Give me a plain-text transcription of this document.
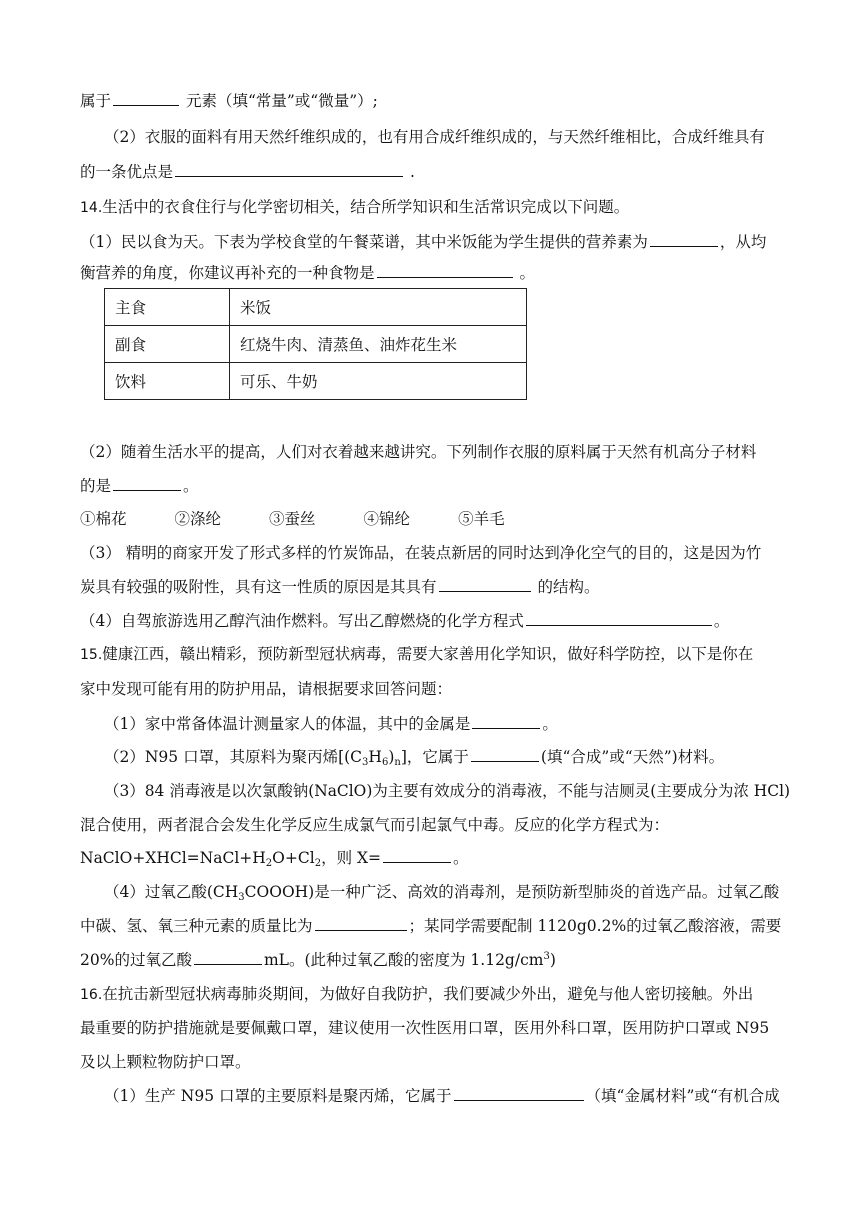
属于	元素（填“常量”或“微量”）;
（2）衣服的面料有用天然纤维织成的，也有用合成纤维织成的，与天然纤维相比，合成纤维具有
的一条优点是	.
14.生活中的衣食住行与化学密切相关，结合所学知识和生活常识完成以下问题。
（1）民以食为天。下表为学校食堂的午餐菜谱，其中米饭能为学生提供的营养素为	，从均
衡营养的角度，你建议再补充的一种食物是	。
主食	米饭
副食	红烧牛肉、清蒸鱼、油炸花生米
饮料	可乐、牛奶
（2）随着生活水平的提高，人们对衣着越来越讲究。下列制作衣服的原料属于天然有机高分子材料
的是	。
①棉花	②涤纶	③蚕丝	④锦纶	⑤羊毛
（3） 精明的商家开发了形式多样的竹炭饰品，在装点新居的同时达到净化空气的目的，这是因为竹
炭具有较强的吸附性，具有这一性质的原因是其具有	的结构。
（4）自驾旅游选用乙醇汽油作燃料。写出乙醇燃烧的化学方程式	。
15.健康江西，赣出精彩，预防新型冠状病毒，需要大家善用化学知识，做好科学防控，以下是你在
家中发现可能有用的防护用品，请根据要求回答问题：
（1）家中常备体温计测量家人的体温，其中的金属是	。
（2）N95 口罩，其原料为聚丙烯$[(C_3H_6)_n]$，它属于	(填“合成”或“天然”)材料。
（3）84 消毒液是以次氯酸钠(NaClO)为主要有效成分的消毒液，不能与洁厕灵(主要成分为浓 HCl)
混合使用，两者混合会发生化学反应生成氯气而引起氯气中毒。反应的化学方程式为：
$NaClO+XHCl=NaCl+H_2O+Cl_2$，则 X=	。
（4）过氧乙酸$(CH_3COOOH)$是一种广泛、高效的消毒剂，是预防新型肺炎的首选产品。过氧乙酸
中碳、氢、氧三种元素的质量比为	；某同学需要配制 1120g0.2%的过氧乙酸溶液，需要
20%的过氧乙酸	mL。(此种过氧乙酸的密度为 $1.12g/cm^3$)
16.在抗击新型冠状病毒肺炎期间，为做好自我防护，我们要减少外出，避免与他人密切接触。外出
最重要的防护措施就是要佩戴口罩，建议使用一次性医用口罩，医用外科口罩，医用防护口罩或 N95
及以上颗粒物防护口罩。
（1）生产 N95 口罩的主要原料是聚丙烯，它属于	（填“金属材料”或“有机合成
